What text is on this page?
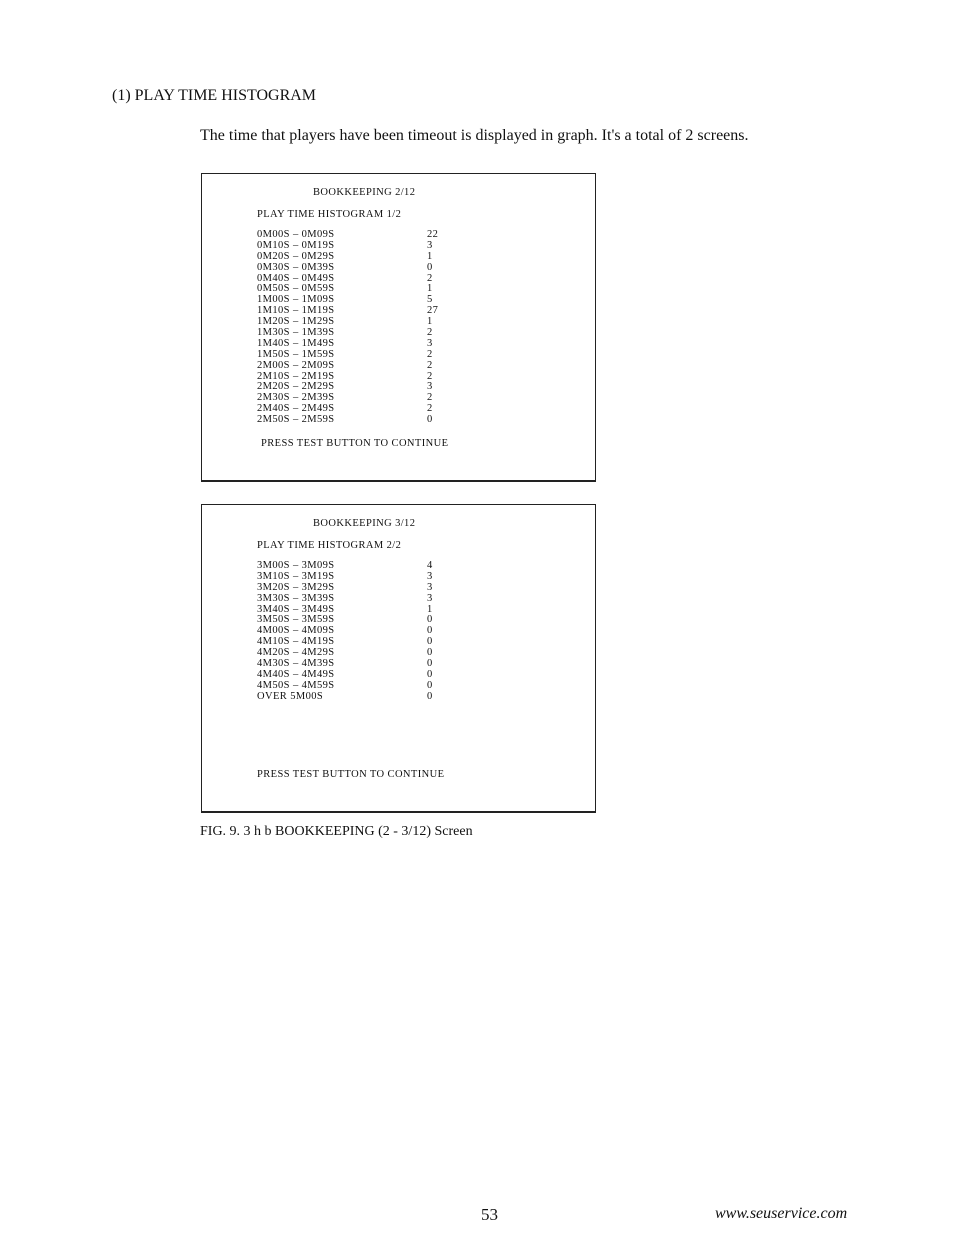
(1) PLAY TIME HISTOGRAM
The time that players have been timeout is displayed in graph. It's a total of 2 screens.
BOOKKEEPING 2/12
PLAY TIME HISTOGRAM 1/2
0M00S – 0M09S	22
0M10S – 0M19S	3
0M20S – 0M29S	1
0M30S – 0M39S	0
0M40S – 0M49S	2
0M50S – 0M59S	1
1M00S – 1M09S	5
1M10S – 1M19S	27
1M20S – 1M29S	1
1M30S – 1M39S	2
1M40S – 1M49S	3
1M50S – 1M59S	2
2M00S – 2M09S	2
2M10S – 2M19S	2
2M20S – 2M29S	3
2M30S – 2M39S	2
2M40S – 2M49S	2
2M50S – 2M59S	0
PRESS TEST BUTTON TO CONTINUE
BOOKKEEPING 3/12
PLAY TIME HISTOGRAM 2/2
3M00S – 3M09S	4
3M10S – 3M19S	3
3M20S – 3M29S	3
3M30S – 3M39S	3
3M40S – 3M49S	1
3M50S – 3M59S	0
4M00S – 4M09S	0
4M10S – 4M19S	0
4M20S – 4M29S	0
4M30S – 4M39S	0
4M40S – 4M49S	0
4M50S – 4M59S	0
OVER 5M00S	0
PRESS TEST BUTTON TO CONTINUE
FIG. 9. 3 h b BOOKKEEPING (2 - 3/12) Screen
53	www.seuservice.com
